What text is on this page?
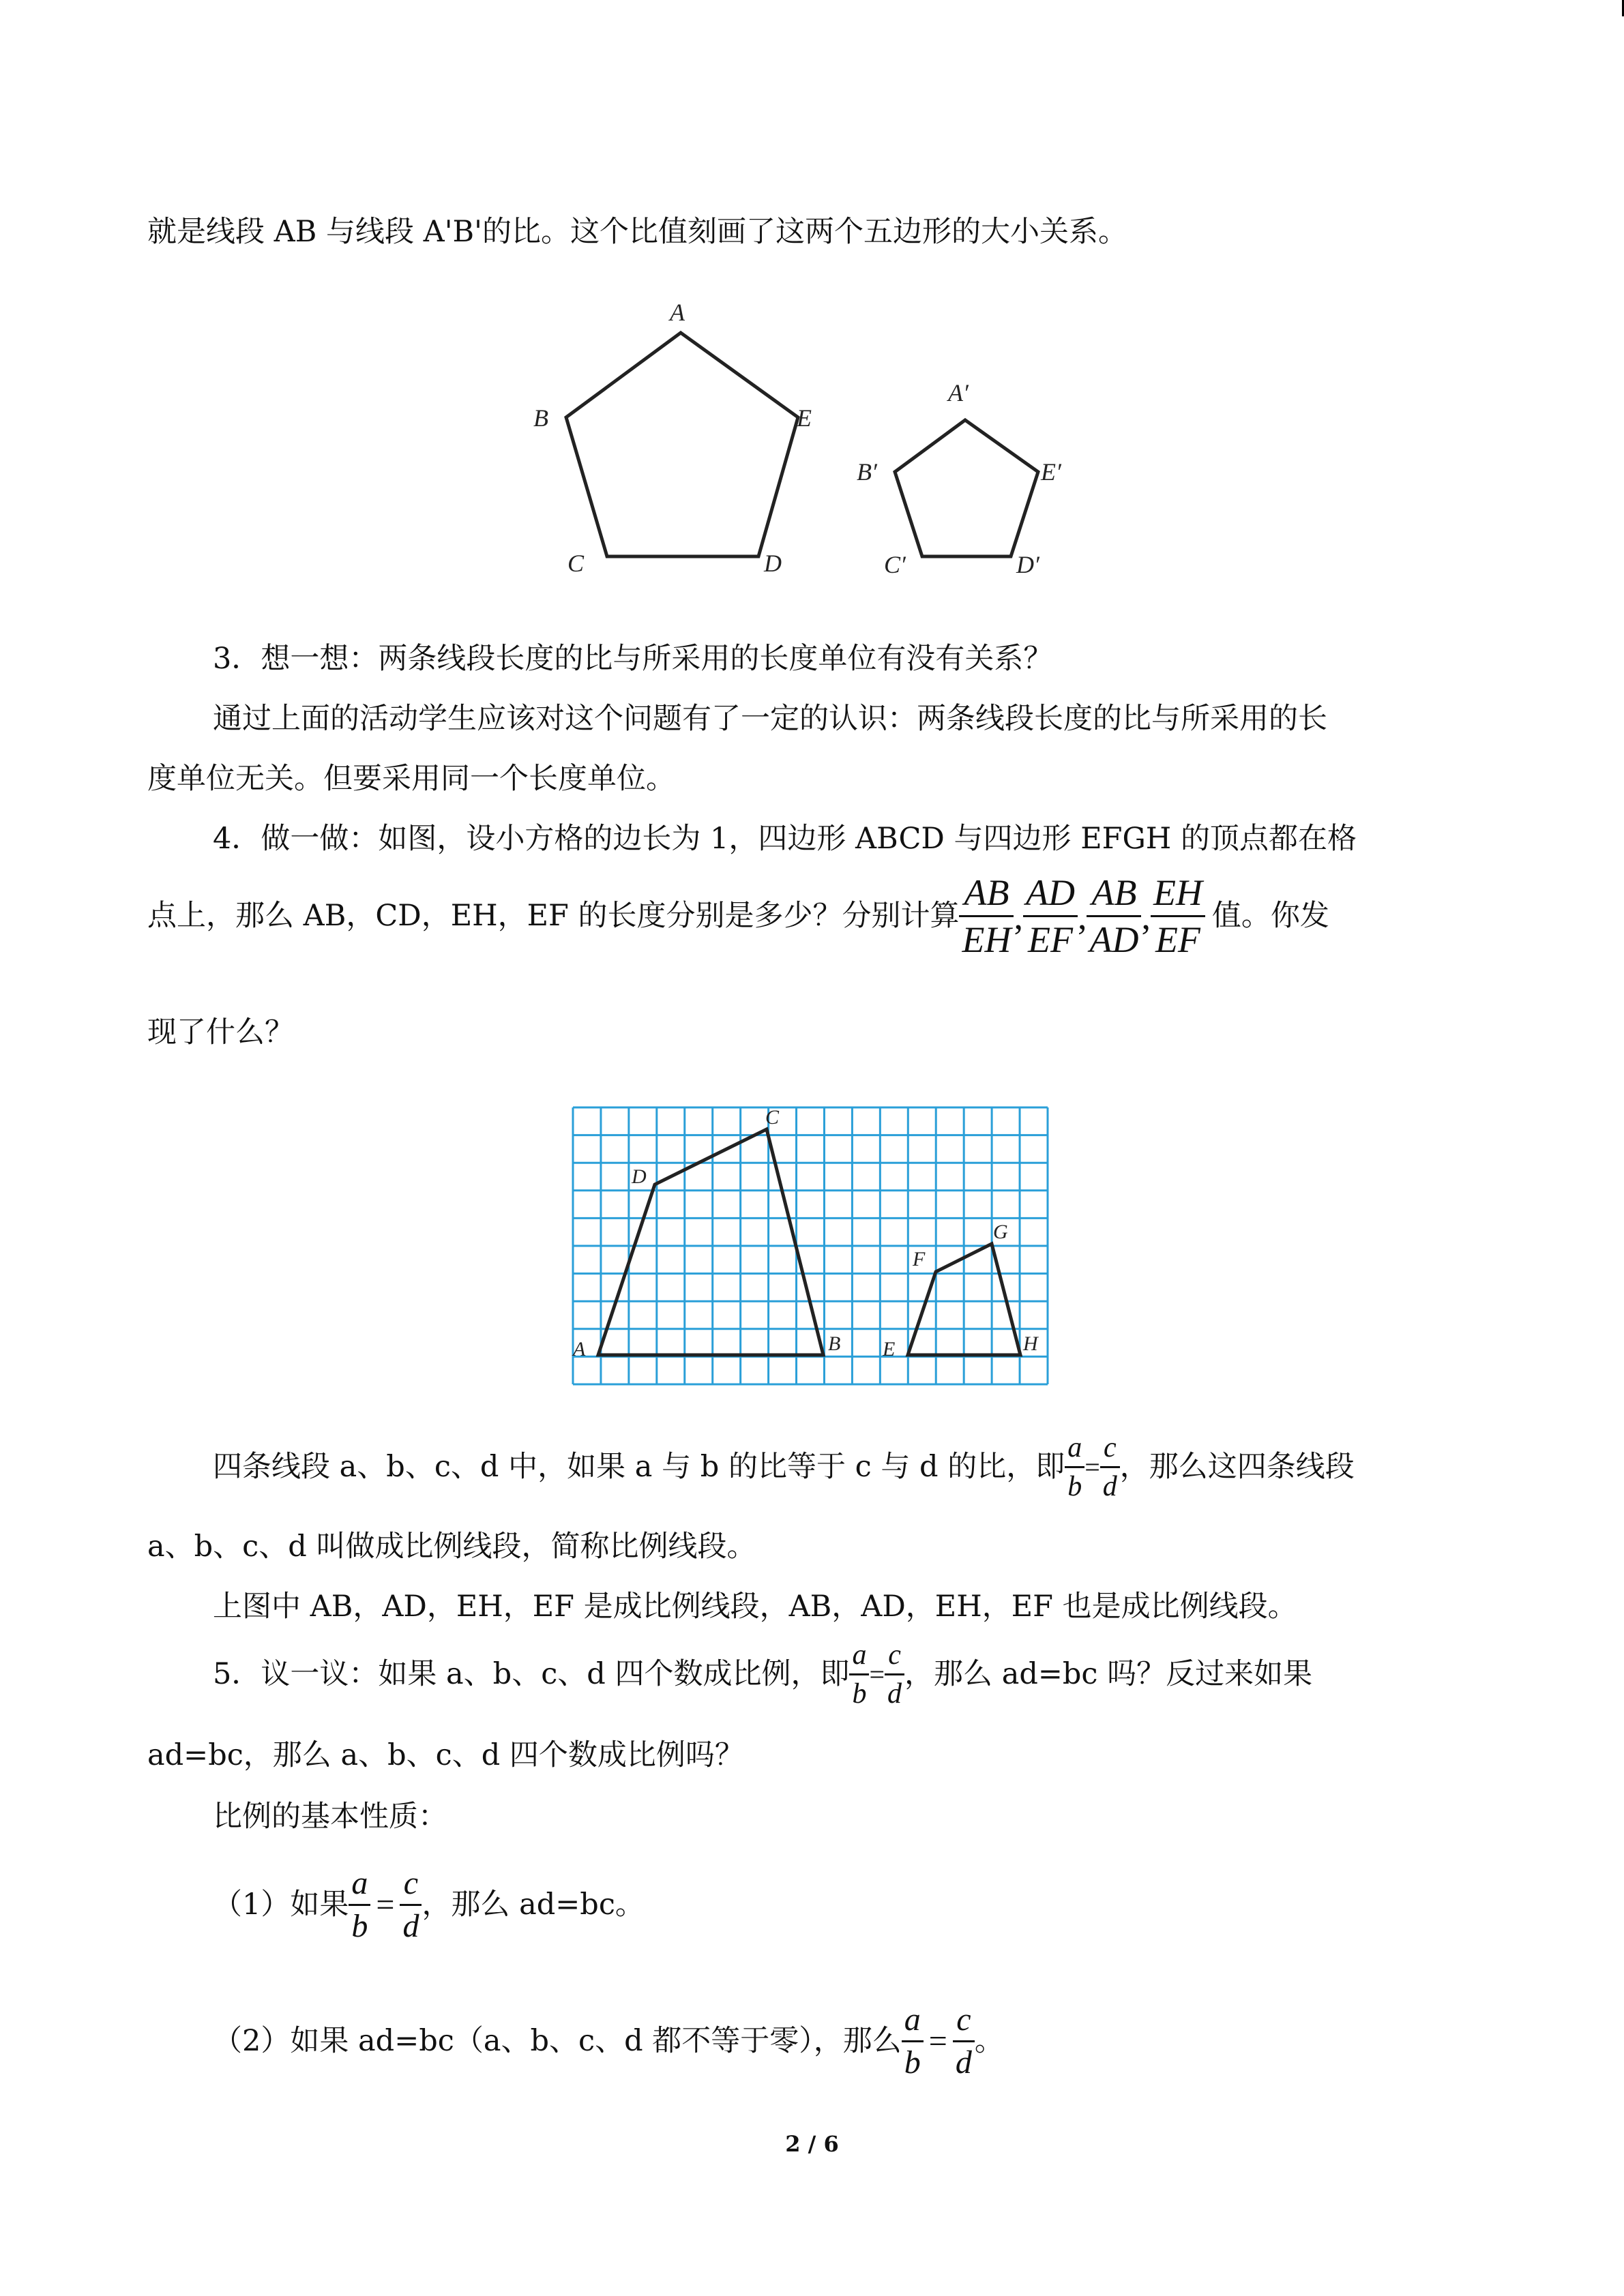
就是线段 AB 与线段 A'B'的比。这个比值刻画了这两个五边形的大小关系。
A
B
C	D
E
A′
B′
C′	D′
E′
3．想一想：两条线段长度的比与所采用的长度单位有没有关系？
通过上面的活动学生应该对这个问题有了一定的认识：两条线段长度的比与所采用的长
度单位无关。但要采用同一个长度单位。
4．做一做：如图，设小方格的边长为 1，四边形 ABCD 与四边形 EFGH 的顶点都在格
点上，那么 AB，CD，EH，EF 的长度分别是多少？分别计算 $\frac{AB}{EH}$ , $\frac{AD}{EF}$ , $\frac{AB}{AD}$ , $\frac{EH}{EF}$ 值。你发
现了什么？
A	B
C
D
E
F
G
H
四条线段 a、b、c、d 中，如果 a 与 b 的比等于 c 与 d 的比，即 $\frac{a}{b} = \frac{c}{d}$ ，那么这四条线段
a、b、c、d 叫做成比例线段，简称比例线段。
上图中 AB，AD，EH，EF 是成比例线段，AB，AD，EH，EF 也是成比例线段。
5．议一议：如果 a、b、c、d 四个数成比例，即 $\frac{a}{b} = \frac{c}{d}$ ，那么 ad=bc 吗？反过来如果
ad=bc，那么 a、b、c、d 四个数成比例吗？
比例的基本性质：
（1）如果 $\frac{a}{b} = \frac{c}{d}$ ，那么 ad=bc。
（2）如果 ad=bc（a、b、c、d 都不等于零），那么 $\frac{a}{b} = \frac{c}{d}$ 。
2 / 6
